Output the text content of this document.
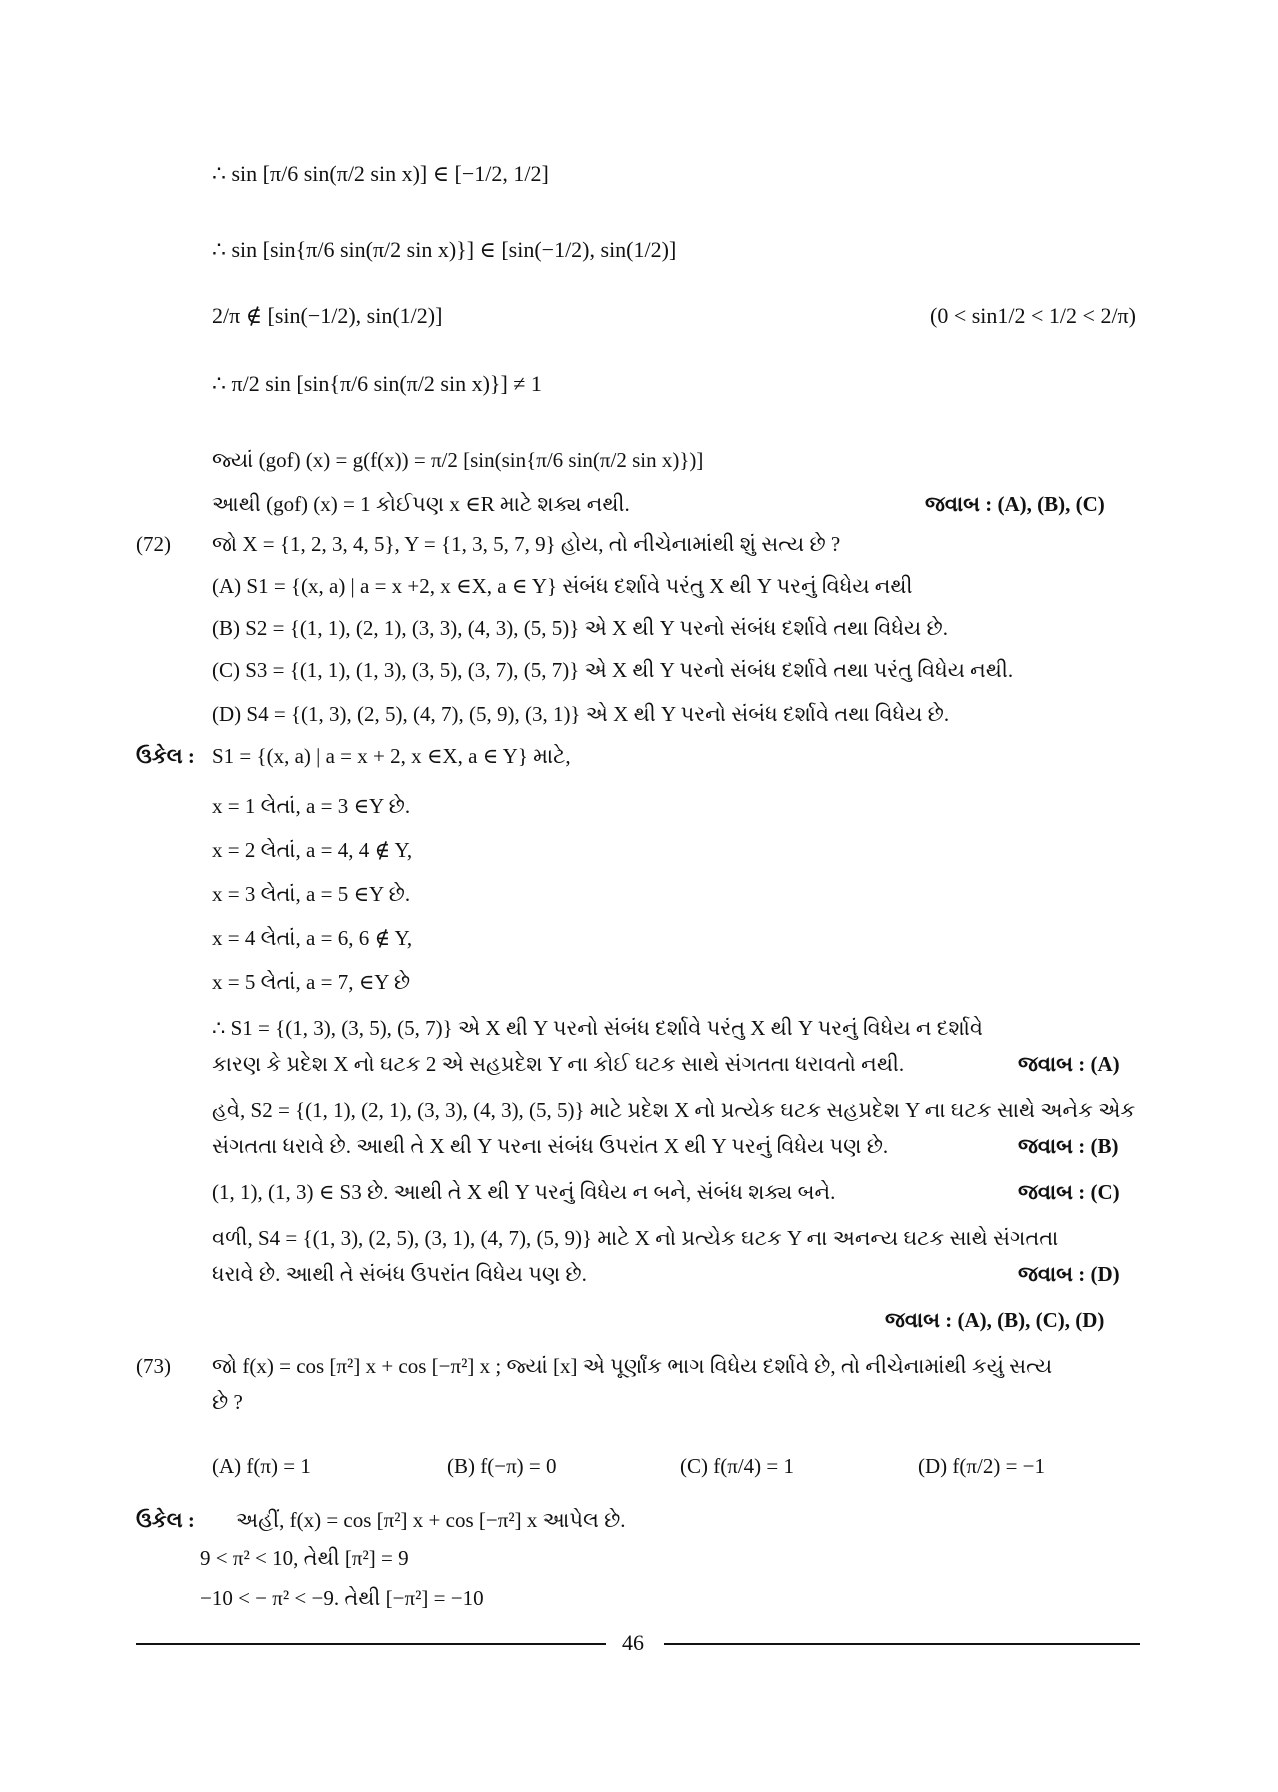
∴ sin [π/6 sin(π/2 sin x)] ∈ [−1/2, 1/2]
∴ sin [sin{π/6 sin(π/2 sin x)}] ∈ [sin(−1/2), sin(1/2)]
2/π ∉ [sin(−1/2), sin(1/2)]	(0 < sin1/2 < 1/2 < 2/π)
∴ π/2 sin [sin{π/6 sin(π/2 sin x)}] ≠ 1
જ્યાં (gof) (x) = g(f(x)) = π/2 [sin(sin{π/6 sin(π/2 sin x)})]
આથી (gof) (x) = 1 કોઈપણ x ∈R માટે શક્ય નથી.	જવાબ : (A), (B), (C)
(72) જો X = {1, 2, 3, 4, 5}, Y = {1, 3, 5, 7, 9} હોય, તો નીચેનામાંથી શું સત્ય છે ?
(A) S1 = {(x, a) | a = x +2, x ∈X, a ∈ Y} સંબંધ દર્શાવે પરંતુ X થી Y પરનું વિધેય નથી
(B) S2 = {(1, 1), (2, 1), (3, 3), (4, 3), (5, 5)} એ X થી Y પરનો સંબંધ દર્શાવે તથા વિધેય છે.
(C) S3 = {(1, 1), (1, 3), (3, 5), (3, 7), (5, 7)} એ X થી Y પરનો સંબંધ દર્શાવે તથા પરંતુ વિધેય નથી.
(D) S4 = {(1, 3), (2, 5), (4, 7), (5, 9), (3, 1)} એ X થી Y પરનો સંબંધ દર્શાવે તથા વિધેય છે.
ઉકેલ : S1 = {(x, a) | a = x + 2, x ∈X, a ∈ Y} માટે,
x = 1 લેતાં, a = 3 ∈Y છે.
x = 2 લેતાં, a = 4, 4 ∉ Y,
x = 3 લેતાં, a = 5 ∈Y છે.
x = 4 લેતાં, a = 6, 6 ∉ Y,
x = 5 લેતાં, a = 7, ∈Y છે
∴ S1 = {(1, 3), (3, 5), (5, 7)} એ X થી Y પરનો સંબંધ દર્શાવે પરંતુ X થી Y પરનું વિધેય ન દર્શાવે
કારણ કે પ્રદેશ X નો ઘટક 2 એ સહપ્રદેશ Y ના કોઈ ઘટક સાથે સંગતતા ધરાવતો નથી.	જવાબ : (A)
હવે, S2 = {(1, 1), (2, 1), (3, 3), (4, 3), (5, 5)} માટે પ્રદેશ X નો પ્રત્યેક ઘટક સહપ્રદેશ Y ના ઘટક સાથે અનેક એક
સંગતતા ધરાવે છે. આથી તે X થી Y પરના સંબંધ ઉપરાંત X થી Y પરનું વિધેય પણ છે.	જવાબ : (B)
(1, 1), (1, 3) ∈ S3 છે. આથી તે X થી Y પરનું વિધેય ન બને, સંબંધ શક્ય બને.	જવાબ : (C)
વળી, S4 = {(1, 3), (2, 5), (3, 1), (4, 7), (5, 9)} માટે X નો પ્રત્યેક ઘટક Y ના અનન્ય ઘટક સાથે સંગતતા
ધરાવે છે. આથી તે સંબંધ ઉપરાંત વિધેય પણ છે.	જવાબ : (D)
જવાબ : (A), (B), (C), (D)
(73) જો f(x) = cos [π²] x + cos [−π²] x ; જ્યાં [x] એ પૂર્ણાંક ભાગ વિધેય દર્શાવે છે, તો નીચેનામાંથી કયું સત્ય
છે ?
(A) f(π) = 1	(B) f(−π) = 0	(C) f(π/4) = 1	(D) f(π/2) = −1
ઉકેલ : અહીં, f(x) = cos [π²] x + cos [−π²] x આપેલ છે.
9 < π² < 10, તેથી [π²] = 9
−10 < − π² < −9. તેથી [−π²] = −10
46
